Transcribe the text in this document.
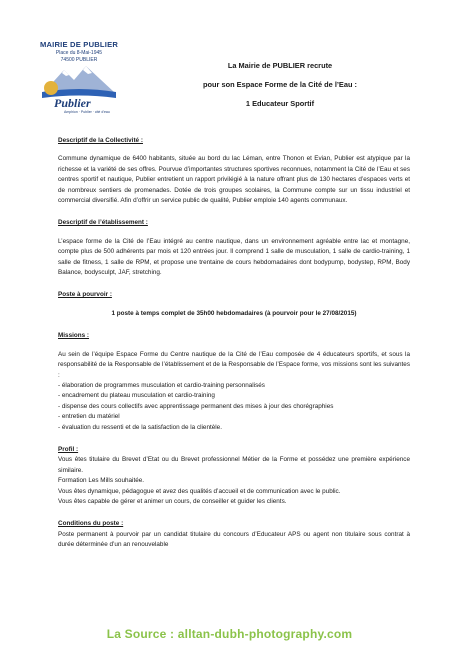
MAIRIE DE PUBLIER
Place du 8-Mai-1945
74500 PUBLIER
Publier
Amphion · Publier · cité d'eau
La Mairie de PUBLIER recrute
pour son Espace Forme de la Cité de l’Eau :
1 Educateur Sportif

Descriptif de la Collectivité :

Commune dynamique de 6400 habitants, située au bord du lac Léman, entre Thonon et Evian, Publier est atypique par la richesse et la variété de ses offres. Pourvue d’importantes structures sportives reconnues, notamment la Cité de l’Eau et ses centres sportif et nautique, Publier entretient un rapport privilégié à la nature offrant plus de 130 hectares d’espaces verts et de nombreux sentiers de promenades. Dotée de trois groupes scolaires, la Commune compte sur un tissu industriel et commercial diversifié. Afin d’offrir un service public de qualité, Publier emploie 140 agents communaux.

Descriptif de l’établissement :

L’espace forme de la Cité de l’Eau intégré au centre nautique, dans un environnement agréable entre lac et montagne, compte plus de 500 adhérents par mois et 120 entrées jour. Il comprend 1 salle de musculation, 1 salle de cardio-training, 1 salle de fitness, 1 salle de RPM, et propose une trentaine de cours hebdomadaires dont bodypump, bodystep, RPM, Body Balance, bodysculpt, JAF, stretching.

Poste à pourvoir :

1 poste à temps complet de 35h00 hebdomadaires (à pourvoir pour le 27/08/2015)

Missions :

Au sein de l’équipe Espace Forme du Centre nautique de la Cité de l’Eau composée de 4 éducateurs sportifs, et sous la responsabilité de la Responsable de l’établissement et de la Responsable de l’Espace forme, vos missions sont les suivantes :

- élaboration de programmes musculation et cardio-training personnalisés

- encadrement du plateau musculation et cardio-training

- dispense des cours collectifs avec apprentissage permanent des mises à jour des chorégraphies

- entretien du matériel

- évaluation du ressenti et de la satisfaction de la clientèle.

Profil :

Vous êtes titulaire du Brevet d’Etat ou du Brevet professionnel Métier de la Forme et possédez une première expérience similaire.

Formation Les Mills souhaitée.

Vous êtes dynamique, pédagogue et avez des qualités d’accueil et de communication avec le public.

Vous êtes capable de gérer et animer un cours, de conseiller et guider les clients.

Conditions du poste :

Poste permanent à pourvoir par un candidat titulaire du concours d’Educateur APS ou agent non titulaire sous contrat à durée déterminée d’un an renouvelable

La Source : alltan-dubh-photography.com
